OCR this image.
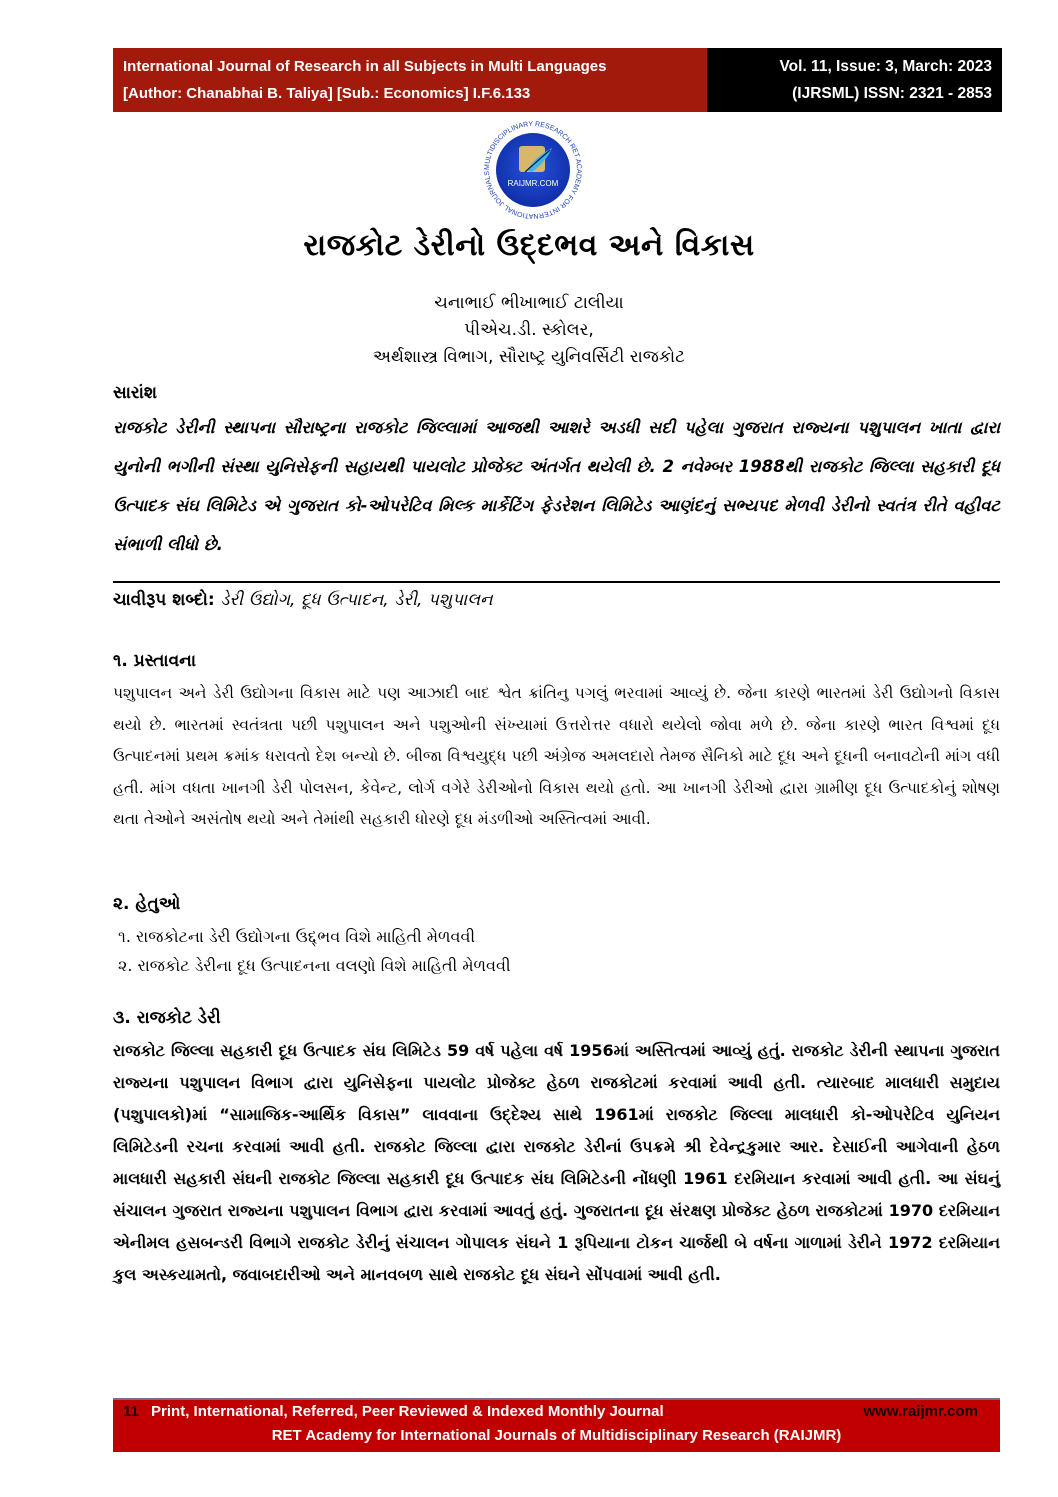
International Journal of Research in all Subjects in Multi Languages
[Author: Chanabhai B. Taliya] [Sub.: Economics] I.F.6.133
Vol. 11, Issue: 3, March: 2023
(IJRSML) ISSN: 2321 - 2853
RAIJMR.COM
MULTIDISCIPLINARY RESEARCH RET ACADEMY FOR INTERNATIONAL JOURNALS
રાજકોટ ડેરીનો ઉદ્દભવ અને વિકાસ
ચનાભાઈ ભીખાભાઈ ટાલીયા
પીએચ.ડી. સ્કોલર,
અર્થશાસ્ત્ર વિભાગ, સૌરાષ્ટ્ર યુનિવર્સિટી રાજકોટ
સારાંશ
રાજકોટ ડેરીની સ્થાપના સૌરાષ્ટ્રના રાજકોટ જિલ્લામાં આજથી આશરે અડધી સદી પહેલા ગુજરાત રાજ્યના પશુપાલન ખાતા દ્વારા યુનોની ભગીની સંસ્થા યુનિસેફની સહાયથી પાયલોટ પ્રોજેક્ટ અંતર્ગત થયેલી છે. 2 નવેમ્બર 1988થી રાજકોટ જિલ્લા સહકારી દૂધ ઉત્પાદક સંઘ લિમિટેડ એ ગુજરાત કો-ઓપરેટિવ મિલ્ક માર્કેટિંગ ફેડરેશન લિમિટેડ આણંદનું સભ્યપદ મેળવી ડેરીનો સ્વતંત્ર રીતે વહીવટ સંભાળી લીધો છે.
ચાવીરૂપ શબ્દો: ડેરી ઉદ્યોગ, દૂધ ઉત્પાદન, ડેરી, પશુપાલન
૧. પ્રસ્તાવના
પશુપાલન અને ડેરી ઉદ્યોગના વિકાસ માટે પણ આઝાદી બાદ શ્વેત ક્રાંતિનુ પગલું ભરવામાં આવ્યું છે. જેના કારણે ભારતમાં ડેરી ઉદ્યોગનો વિકાસ થયો છે. ભારતમાં સ્વતંત્રતા પછી પશુપાલન અને પશુઓની સંખ્યામાં ઉત્તરોત્તર વધારો થયેલો જોવા મળે છે. જેના કારણે ભારત વિશ્વમાં દૂધ ઉત્પાદનમાં પ્રથમ ક્રમાંક ધરાવતો દેશ બન્યો છે. બીજા વિશ્વયુદ્ધ પછી અંગ્રેજ અમલદારો તેમજ સૈનિકો માટે દૂધ અને દૂધની બનાવટોની માંગ વધી હતી. માંગ વધતા ખાનગી ડેરી પોલસન, કેવેન્ટ, લોર્ગ વગેરે ડેરીઓનો વિકાસ થયો હતો. આ ખાનગી ડેરીઓ દ્વારા ગ્રામીણ દૂધ ઉત્પાદકોનું શોષણ થતા તેઓને અસંતોષ થયો અને તેમાંથી સહકારી ધોરણે દૂધ મંડળીઓ અસ્તિત્વમાં આવી.
૨. હેતુઓ
૧. રાજકોટના ડેરી ઉદ્યોગના ઉદ્દ્ભવ વિશે માહિતી મેળવવી
૨. રાજકોટ ડેરીના દૂધ ઉત્પાદનના વલણો વિશે માહિતી મેળવવી
૩. રાજકોટ ડેરી
રાજકોટ જિલ્લા સહકારી દૂધ ઉત્પાદક સંઘ લિમિટેડ 59 વર્ષ પહેલા વર્ષ 1956માં અસ્તિત્વમાં આવ્યું હતું. રાજકોટ ડેરીની સ્થાપના ગુજરાત રાજ્યના પશુપાલન વિભાગ દ્વારા યુનિસેફના પાયલોટ પ્રોજેક્ટ હેઠળ રાજકોટમાં કરવામાં આવી હતી. ત્યારબાદ માલધારી સમુદાય (પશુપાલકો)માં “સામાજિક-આર્થિક વિકાસ” લાવવાના ઉદ્દેશ્ય સાથે 1961માં રાજકોટ જિલ્લા માલધારી કો-ઓપરેટિવ યુનિયન લિમિટેડની રચના કરવામાં આવી હતી. રાજકોટ જિલ્લા દ્વારા રાજકોટ ડેરીનાં ઉપક્રમે શ્રી દેવેન્દ્રકુમાર આર. દેસાઈની આગેવાની હેઠળ માલધારી સહકારી સંઘની રાજકોટ જિલ્લા સહકારી દૂધ ઉત્પાદક સંઘ લિમિટેડની નોંધણી 1961 દરમિયાન કરવામાં આવી હતી. આ સંઘનું સંચાલન ગુજરાત રાજ્યના પશુપાલન વિભાગ દ્વારા કરવામાં આવતું હતું. ગુજરાતના દૂધ સંરક્ષણ પ્રોજેક્ટ હેઠળ રાજકોટમાં 1970 દરમિયાન એનીમલ હસબન્ડરી વિભાગે રાજકોટ ડેરીનું સંચાલન ગોપાલક સંઘને 1 રૂપિયાના ટોકન ચાર્જથી બે વર્ષના ગાળામાં ડેરીને 1972 દરમિયાન કુલ અસ્કયામતો, જવાબદારીઓ અને માનવબળ સાથે રાજકોટ દૂધ સંઘને સોંપવામાં આવી હતી.
11 Print, International, Referred, Peer Reviewed & Indexed Monthly Journal	www.raijmr.com
RET Academy for International Journals of Multidisciplinary Research (RAIJMR)
